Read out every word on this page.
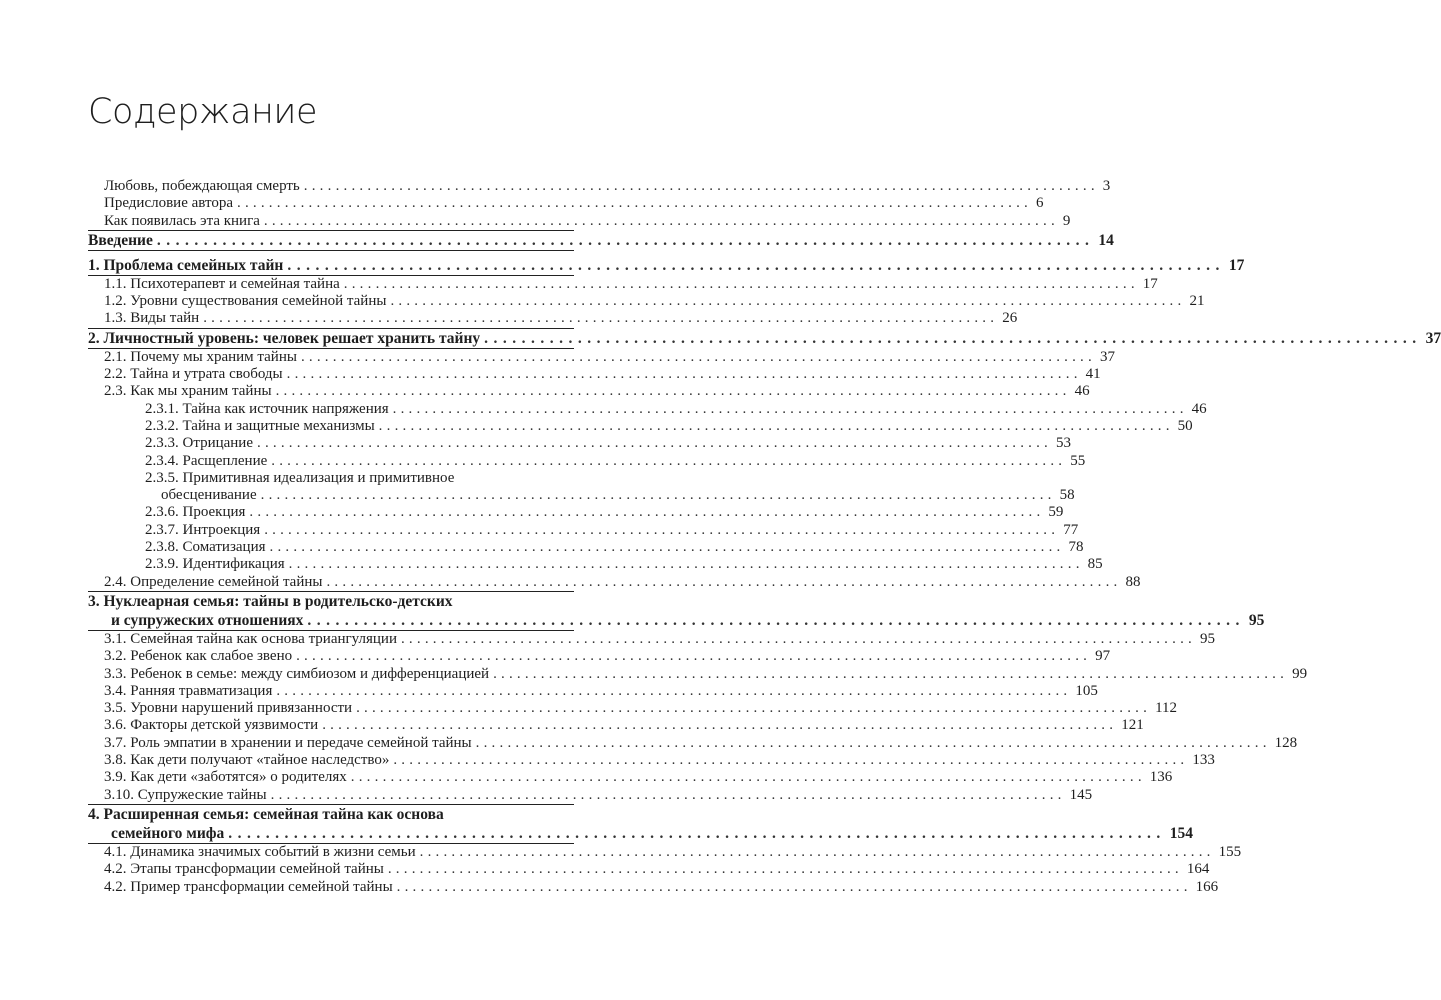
Содержание
Любовь, побеждающая смерть .................................................................................................... 3
Предисловие автора .................................................................................................... 6
Как появилась эта книга .................................................................................................... 9
Введение .................................................................................................... 14
1. Проблема семейных тайн .................................................................................................... 17
1.1. Психотерапевт и семейная тайна .................................................................................................... 17
1.2. Уровни существования семейной тайны .................................................................................................... 21
1.3. Виды тайн .................................................................................................... 26
2. Личностный уровень: человек решает хранить тайну .................................................................................................... 37
2.1. Почему мы храним тайны .................................................................................................... 37
2.2. Тайна и утрата свободы .................................................................................................... 41
2.3. Как мы храним тайны .................................................................................................... 46
2.3.1. Тайна как источник напряжения .................................................................................................... 46
2.3.2. Тайна и защитные механизмы .................................................................................................... 50
2.3.3. Отрицание .................................................................................................... 53
2.3.4. Расщепление .................................................................................................... 55
2.3.5. Примитивная идеализация и примитивное
обесценивание .................................................................................................... 58
2.3.6. Проекция .................................................................................................... 59
2.3.7. Интроекция .................................................................................................... 77
2.3.8. Соматизация .................................................................................................... 78
2.3.9. Идентификация .................................................................................................... 85
2.4. Определение семейной тайны .................................................................................................... 88
3. Нуклеарная семья: тайны в родительско-детских
и супружеских отношениях .................................................................................................... 95
3.1. Семейная тайна как основа триангуляции .................................................................................................... 95
3.2. Ребенок как слабое звено .................................................................................................... 97
3.3. Ребенок в семье: между симбиозом и дифференциацией .................................................................................................... 99
3.4. Ранняя травматизация .................................................................................................... 105
3.5. Уровни нарушений привязанности .................................................................................................... 112
3.6. Факторы детской уязвимости .................................................................................................... 121
3.7. Роль эмпатии в хранении и передаче семейной тайны .................................................................................................... 128
3.8. Как дети получают «тайное наследство» .................................................................................................... 133
3.9. Как дети «заботятся» о родителях .................................................................................................... 136
3.10. Супружеские тайны .................................................................................................... 145
4. Расширенная семья: семейная тайна как основа
семейного мифа .................................................................................................... 154
4.1. Динамика значимых событий в жизни семьи .................................................................................................... 155
4.2. Этапы трансформации семейной тайны .................................................................................................... 164
4.2. Пример трансформации семейной тайны .................................................................................................... 166
